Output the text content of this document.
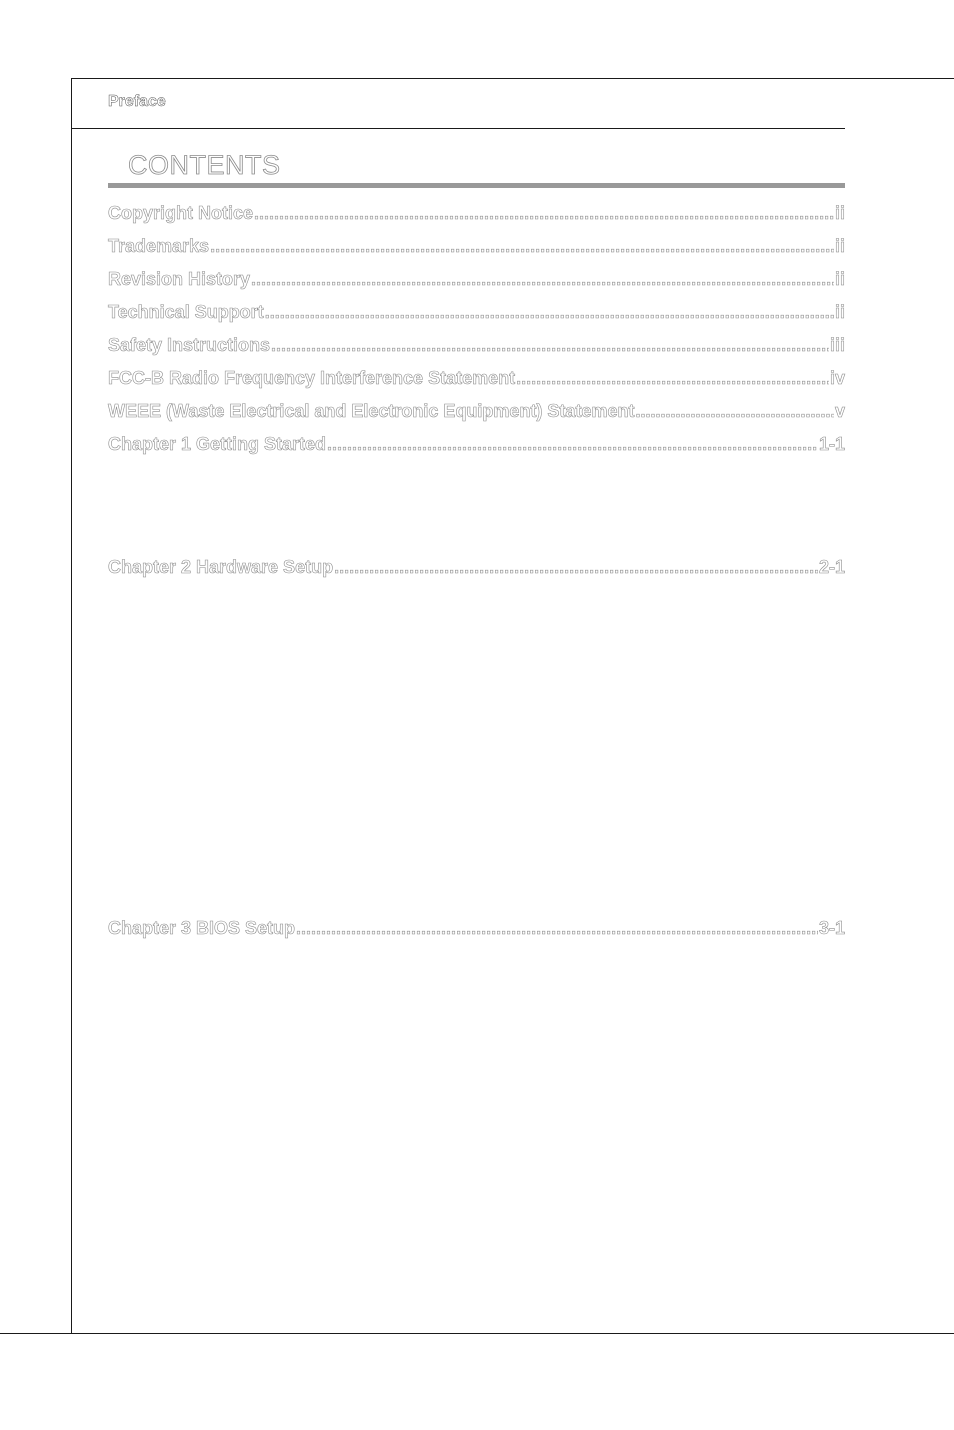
Preface
CONTENTS
Copyright Notice .....	ii
Trademarks .....	ii
Revision History .....	ii
Technical Support .....	ii
Safety Instructions .....	iii
FCC-B Radio Frequency Interference Statement .....	iv
WEEE (Waste Electrical and Electronic Equipment) Statement .....	v
Chapter 1 Getting Started .....	1-1
Chapter 2 Hardware Setup .....	2-1
Chapter 3 BIOS Setup .....	3-1
